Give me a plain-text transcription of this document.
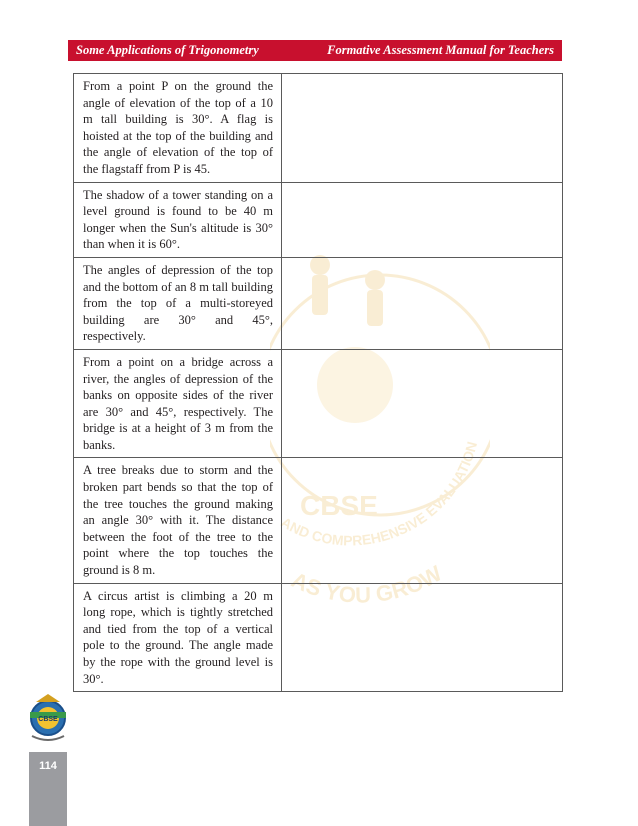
Some Applications of Trigonometry	Formative Assessment Manual for Teachers
CBSE
AND COMPREHENSIVE EVALUATION
AS YOU GROW
From a point P on the ground the angle of elevation of the top of a 10 m tall building is 30°. A flag is hoisted at the top of the building and the angle of elevation of the top of the flagstaff from P is 45.	
The shadow of a tower standing on a level ground is found to be 40 m longer when the Sun's altitude is 30° than when it is 60°.	
The angles of depression of the top and the bottom of an 8 m tall building from the top of a multi-storeyed building are 30° and 45°, respectively.	
From a point on a bridge across a river, the angles of depression of the banks on opposite sides of the river are 30° and 45°, respectively. The bridge is at a height of 3 m from the banks.	
A tree breaks due to storm and the broken part bends so that the top of the tree touches the ground making an angle 30° with it. The distance between the foot of the tree to the point where the top touches the ground is 8 m.	
A circus artist is climbing a 20 m long rope, which is tightly stretched and tied from the top of a vertical pole to the ground. The angle made by the rope with the ground level is 30°.	
CBSE
114
